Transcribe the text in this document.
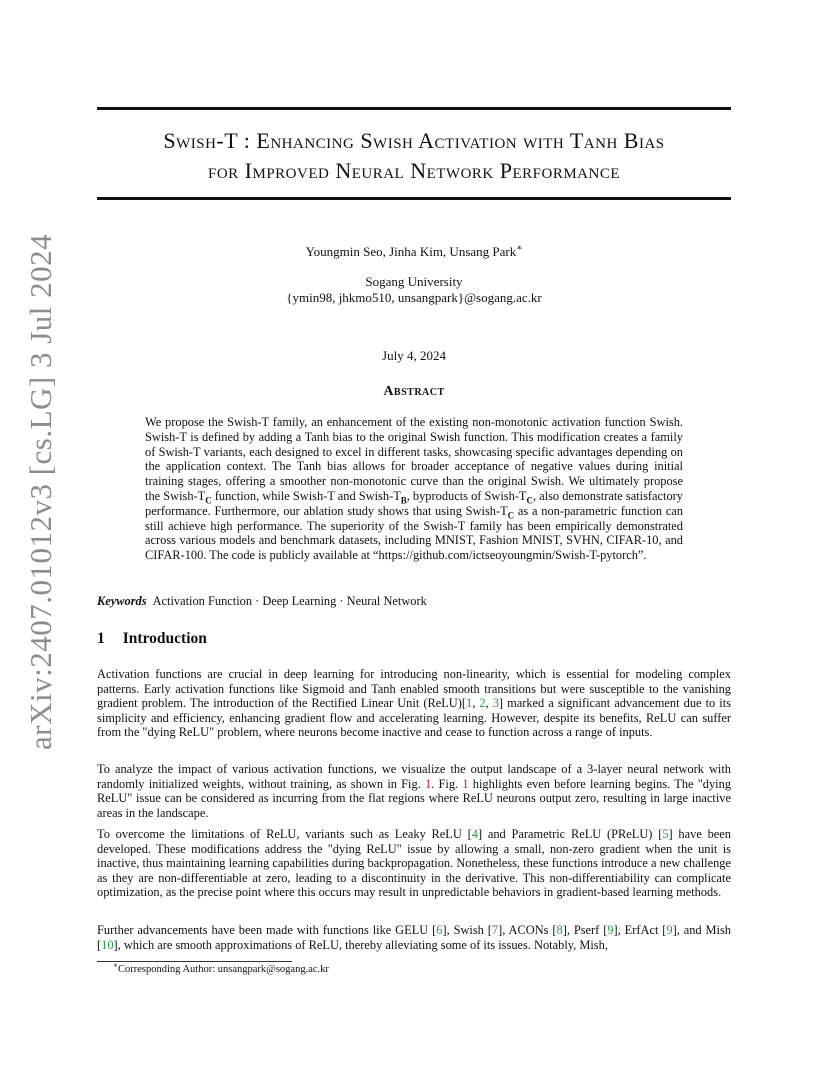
arXiv:2407.01012v3 [cs.LG] 3 Jul 2024
Swish-T : Enhancing Swish Activation with Tanh Bias
for Improved Neural Network Performance
Youngmin Seo, Jinha Kim, Unsang Park∗
Sogang University
{ymin98, jhkmo510, unsangpark}@sogang.ac.kr
July 4, 2024
Abstract
We propose the Swish-T family, an enhancement of the existing non-monotonic activation function Swish. Swish-T is defined by adding a Tanh bias to the original Swish function. This modification creates a family of Swish-T variants, each designed to excel in different tasks, showcasing specific advantages depending on the application context. The Tanh bias allows for broader acceptance of negative values during initial training stages, offering a smoother non-monotonic curve than the original Swish. We ultimately propose the Swish-$T_C$ function, while Swish-T and Swish-$T_B$, byproducts of Swish-$T_C$, also demonstrate satisfactory performance. Furthermore, our ablation study shows that using Swish-$T_C$ as a non-parametric function can still achieve high performance. The superiority of the Swish-T family has been empirically demonstrated across various models and benchmark datasets, including MNIST, Fashion MNIST, SVHN, CIFAR-10, and CIFAR-100. The code is publicly available at “https://github.com/ictseoyoungmin/Swish-T-pytorch”.
Keywords Activation Function · Deep Learning · Neural Network
1 Introduction

Activation functions are crucial in deep learning for introducing non-linearity, which is essential for modeling complex patterns. Early activation functions like Sigmoid and Tanh enabled smooth transitions but were susceptible to the vanishing gradient problem. The introduction of the Rectified Linear Unit (ReLU)[1, 2, 3] marked a significant advancement due to its simplicity and efficiency, enhancing gradient flow and accelerating learning. However, despite its benefits, ReLU can suffer from the "dying ReLU" problem, where neurons become inactive and cease to function across a range of inputs.

To analyze the impact of various activation functions, we visualize the output landscape of a 3-layer neural network with randomly initialized weights, without training, as shown in Fig. 1. Fig. 1 highlights even before learning begins. The "dying ReLU" issue can be considered as incurring from the flat regions where ReLU neurons output zero, resulting in large inactive areas in the landscape.

To overcome the limitations of ReLU, variants such as Leaky ReLU [4] and Parametric ReLU (PReLU) [5] have been developed. These modifications address the "dying ReLU" issue by allowing a small, non-zero gradient when the unit is inactive, thus maintaining learning capabilities during backpropagation. Nonetheless, these functions introduce a new challenge as they are non-differentiable at zero, leading to a discontinuity in the derivative. This non-differentiability can complicate optimization, as the precise point where this occurs may result in unpredictable behaviors in gradient-based learning methods.

Further advancements have been made with functions like GELU [6], Swish [7], ACONs [8], Pserf [9], ErfAct [9], and Mish [10], which are smooth approximations of ReLU, thereby alleviating some of its issues. Notably, Mish,

∗Corresponding Author: unsangpark@sogang.ac.kr
